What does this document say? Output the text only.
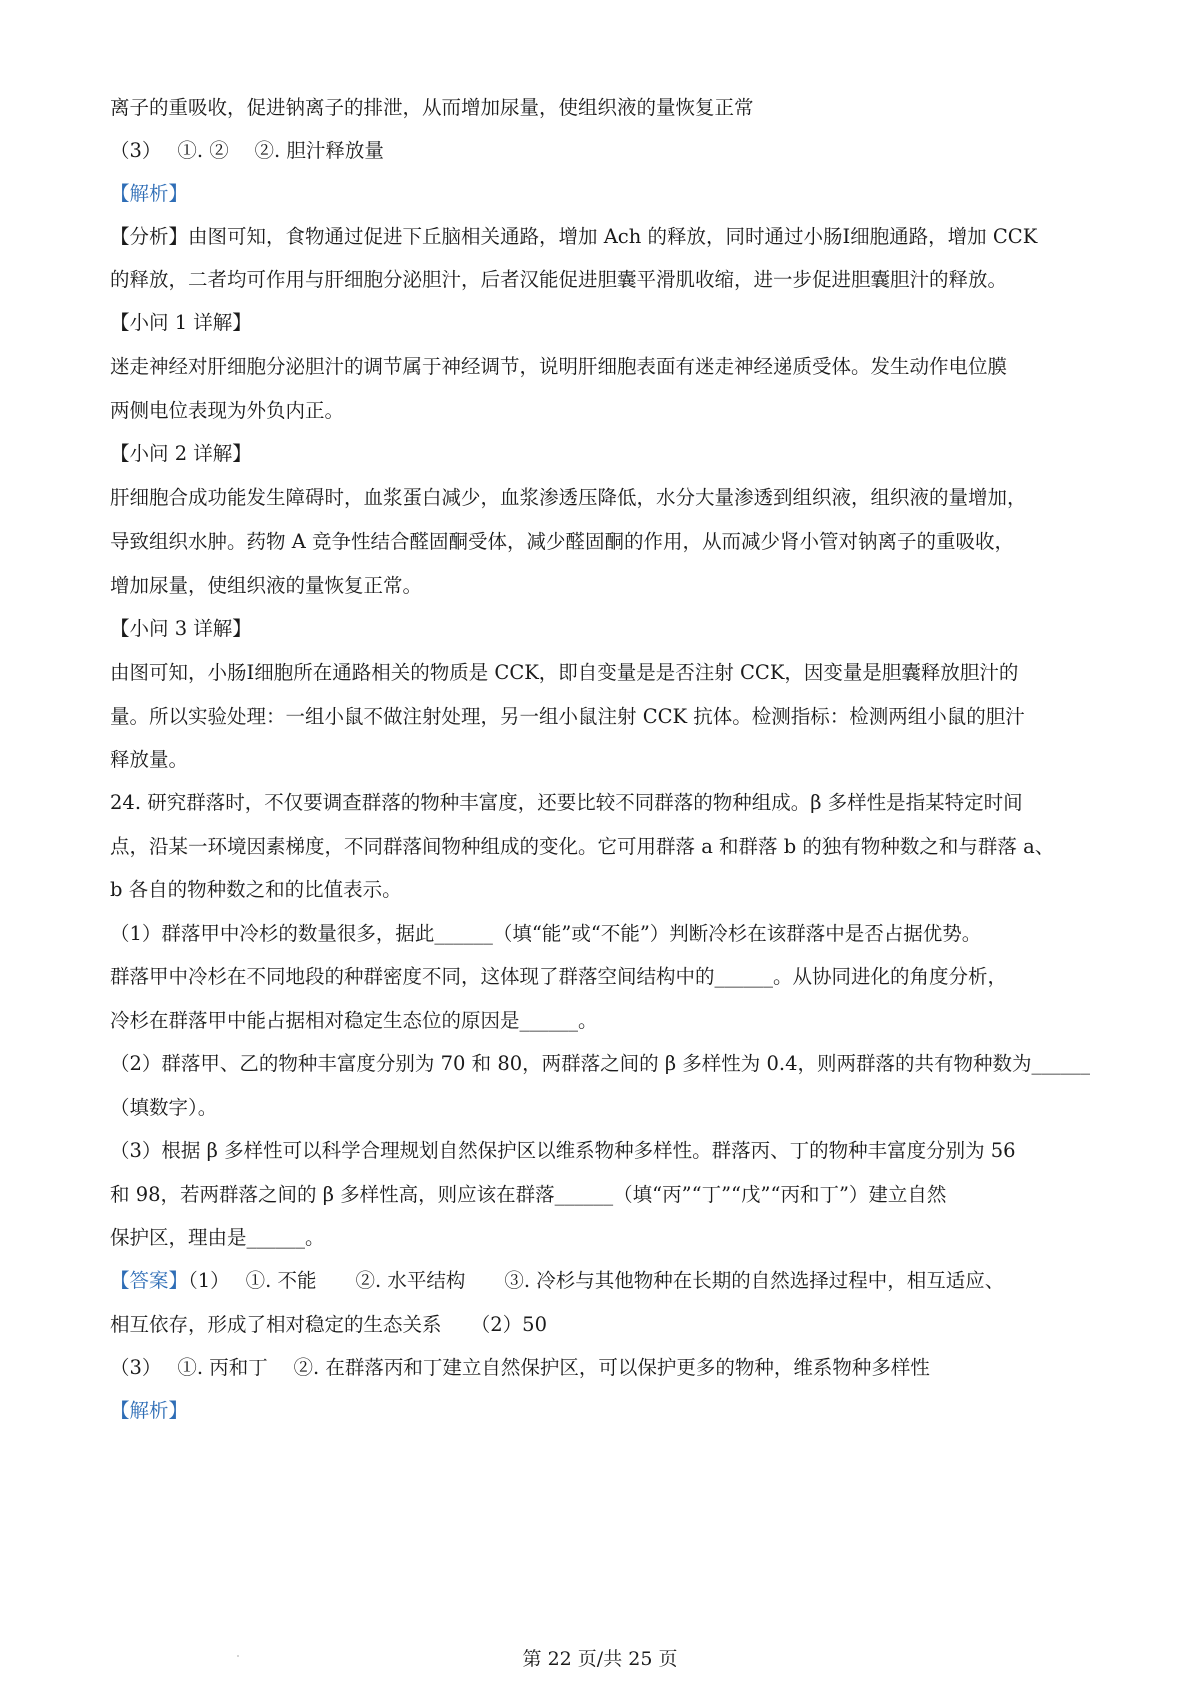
离子的重吸收，促进钠离子的排泄，从而增加尿量，使组织液的量恢复正常
（3）　 ①. ②　 ②. 胆汁释放量
【解析】
【分析】由图可知，食物通过促进下丘脑相关通路，增加 Ach 的释放，同时通过小肠Ⅰ细胞通路，增加 CCK
的释放，二者均可作用与肝细胞分泌胆汁，后者汉能促进胆囊平滑肌收缩，进一步促进胆囊胆汁的释放。
【小问 1 详解】
迷走神经对肝细胞分泌胆汁的调节属于神经调节，说明肝细胞表面有迷走神经递质受体。发生动作电位膜
两侧电位表现为外负内正。
【小问 2 详解】
肝细胞合成功能发生障碍时，血浆蛋白减少，血浆渗透压降低，水分大量渗透到组织液，组织液的量增加，
导致组织水肿。药物 A 竞争性结合醛固酮受体，减少醛固酮的作用，从而减少肾小管对钠离子的重吸收，
增加尿量，使组织液的量恢复正常。
【小问 3 详解】
由图可知，小肠Ⅰ细胞所在通路相关的物质是 CCK，即自变量是是否注射 CCK，因变量是胆囊释放胆汁的
量。所以实验处理：一组小鼠不做注射处理，另一组小鼠注射 CCK 抗体。检测指标：检测两组小鼠的胆汁
释放量。
24. 研究群落时，不仅要调查群落的物种丰富度，还要比较不同群落的物种组成。β 多样性是指某特定时间
点，沿某一环境因素梯度，不同群落间物种组成的变化。它可用群落 a 和群落 b 的独有物种数之和与群落 a、
b 各自的物种数之和的比值表示。
（1）群落甲中冷杉的数量很多，据此______（填“能”或“不能”）判断冷杉在该群落中是否占据优势。
群落甲中冷杉在不同地段的种群密度不同，这体现了群落空间结构中的______。从协同进化的角度分析，
冷杉在群落甲中能占据相对稳定生态位的原因是______。
（2）群落甲、乙的物种丰富度分别为 70 和 80，两群落之间的 β 多样性为 0.4，则两群落的共有物种数为______
（填数字）。
（3）根据 β 多样性可以科学合理规划自然保护区以维系物种多样性。群落丙、丁的物种丰富度分别为 56
和 98，若两群落之间的 β 多样性高，则应该在群落______（填“丙”“丁”“戊”“丙和丁”）建立自然
保护区，理由是______。
【答案】（1）　 ①. 不能　　②. 水平结构　　③. 冷杉与其他物种在长期的自然选择过程中，相互适应、
相互依存，形成了相对稳定的生态关系　　（2）50
（3）　 ①. 丙和丁　 ②. 在群落丙和丁建立自然保护区，可以保护更多的物种，维系物种多样性
【解析】
第 22 页/共 25 页
